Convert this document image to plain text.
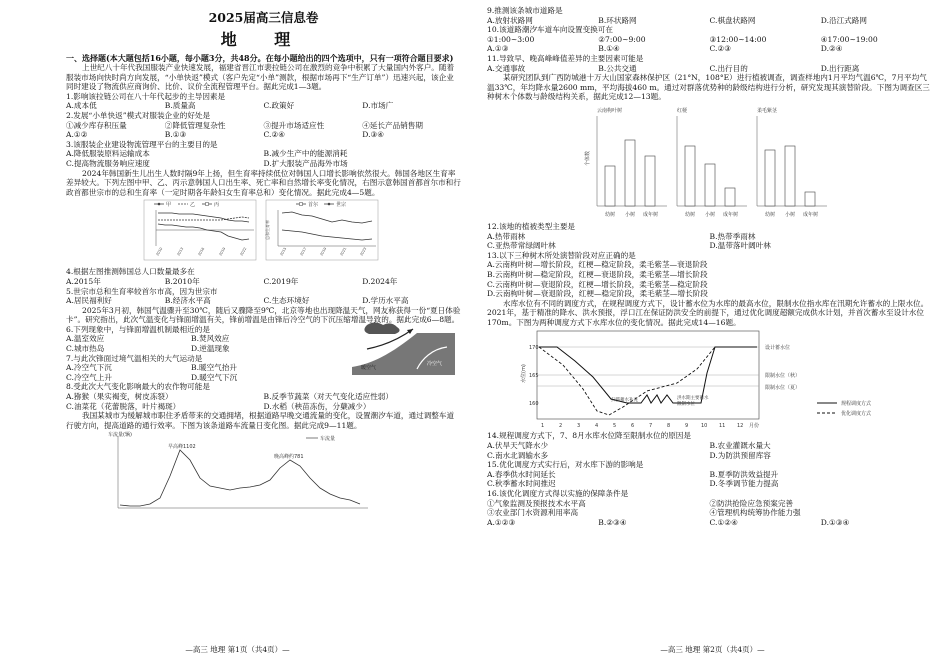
2025届高三信息卷
地 理
一、选择题(本大题包括16小题，每小题3分，共48分。在每小题给出的四个选项中，只有一项符合题目要求)

上世纪八十年代我国服装产业快速发展，福建省晋江市裴拉链公司在激烈的竞争中积累了大量国内外客户。随着服装市场向快时尚方向发展，“小单快返”模式（客户先定“小单”测款，根据市场再下“生产订单”）迅速兴起，该企业同时建设了物流供应商询价、比价、议价全流程管理平台。据此完成1—3题。

1.影响该拉链公司在八十年代起步的主导因素是
A.成本低	B.质量高	C.政策好	D.市场广
2.发展“小单快返”模式对服装企业的好处是
①减少库存积压量	②降低管理复杂性	③提升市场适应性	④延长产品销售期
A.①②	B.①③	C.②④	D.③④
3.该服装企业建设物流管理平台的主要目的是
A.降低服装原料运输成本	B.减少生产中的能源消耗
C.提高物流服务响应速度	D.扩大服装产品海外市场

2024年韩国新生儿出生人数时隔9年上扬，但生育率持续低位对韩国人口增长影响依然很大。韩国各地区生育率差异较大。下列左图中甲、乙、丙示意韩国人口出生率、死亡率和自然增长率变化情况，右图示意韩国首都首尔市和行政首都世宗市的总和生育率（一定时期各年龄妇女生育率总和）变化情况。据此完成4—5题。

甲	乙	丙
2010	2013	2016	2019	2022
首尔	世宗
总和生育率
2015	2017	2019	2021	2023
4.根据左图推测韩国总人口数量最多在
A.2015年	B.2010年	C.2019年	D.2024年
5.世宗市总和生育率较首尔市高，因为世宗市
A.居民福利好	B.经济水平高	C.生态环境好	D.学历水平高

2025年3月初，韩国气温骤升至30℃，随后又骤降至9℃，北京等地也出现降温天气，网友称获得一份“夏日体验卡”。研究指出，此次气温变化与锋面增温有关，锋前增温是由锋后冷空气的下沉压缩增温导致的。据此完成6—8题。

6.下列现象中，与锋面增温机制最相近的是
A.温室效应	B.焚风效应
C.城市热岛	D.逆温现象
7.与此次锋面过境气温相关的大气运动是
A.冷空气下沉	B.暖空气抬升
C.冷空气上升	D.暖空气下沉
暖空气
冷空气
8.受此次大气变化影响最大的农作物可能是
A.猕猴（果实褐变，树皮冻裂）	B.反季节蔬菜（对天气变化适应性弱）
C.油菜花（花蕾脱落，叶片褐斑）	D.水稻（秧苗冻伤，分蘖减少）

我国某城市为缓解城市职住矛盾带来的交通拥堵，根据道路早晚交通流量的变化，设置潮汐车道，通过调整车道行驶方向，提高道路的通行效率。下图为该条道路车流量日变化图。据此完成9—11题。

车流量(辆)
车流量
早高峰1102
晚高峰约781
—高三 地理 第1页（共4页）—
9.推测该条城市道路是
A.放射状路网	B.环状路网	C.棋盘状路网	D.沿江式路网
10.该道路潮汐车道车向设置变换可在
①1:00~3:00	②7:00~9:00	③12:00~14:00	④17:00~19:00
A.①③	B.①④	C.②③	D.②④
11.导致早、晚高峰峰值差异的主要因素可能是
A.交通事故	B.公共交通	C.出行目的	D.出行距离

某研究团队到广西防城港十万大山国家森林保护区（21°N，108°E）进行植被调查，调查样地内1月平均气温6℃，7月平均气温33℃，年均降水量2600 mm，平均海拔460 m。通过对群落优势种的龄级结构进行分析，研究发现其演替阶段。下图为调查区三种树木个体数与龄级结构关系，据此完成12—13题。

云南枸叶树
个体数
幼树 小树 成年树
红梗
幼树 小树 成年树
柔毛紫茎
幼树 小树 成年树
12.该地的植被类型主要是
A.热带雨林	B.热带季雨林
C.亚热带常绿阔叶林	D.温带落叶阔叶林
13.以下三种树木所处演替阶段对应正确的是
A.云南枸叶树—增长阶段，红梗—稳定阶段，柔毛紫茎—衰退阶段
B.云南枸叶树—稳定阶段，红梗—衰退阶段，柔毛紫茎—增长阶段
C.云南枸叶树—衰退阶段，红梗—增长阶段，柔毛紫茎—稳定阶段
D.云南枸叶树—衰退阶段，红梗—稳定阶段，柔毛紫茎—增长阶段

水库水位有不同的调度方式，在规程调度方式下，设计蓄水位为水库的最高水位，限制水位指水库在汛期允许蓄水的上限水位。2021年，基于精准的降水、洪水预报，浮口江在保证防洪安全的前提下，通过优化调度超额完成供水计划，并首次蓄水至设计水位170m。下图为两种调度方式下水库水位的变化情况。据此完成14—16题。

水位(m)
170
165
160
扫描蓄水补充	洪水期主要蓄水
限制水位
1	2	3	4	5	6	7	8	9	10 11 12 月份
设计蓄水位
限制水位（秋）
限制水位（夏）
规程调度方式
优化调度方式
14.规程调度方式下，7、8月水库水位降至限制水位的原因是
A.伏旱天气降水少	B.农业灌溉水量大
C.南水北调输水多	D.为防洪预留库容
15.优化调度方式实行后，对水库下游的影响是
A.春季供水时间延长	B.夏季防洪效益提升
C.秋季蓄水时间推迟	D.冬季调节能力提高
16.该优化调度方式得以实施的保障条件是
①气象监测及预报技术水平高	②防洪抢险应急预案完善
③农业部门水资源利用率高	④管理机构统筹协作能力强
A.①②③	B.②③④	C.①②④	D.①③④
—高三 地理 第2页（共4页）—
